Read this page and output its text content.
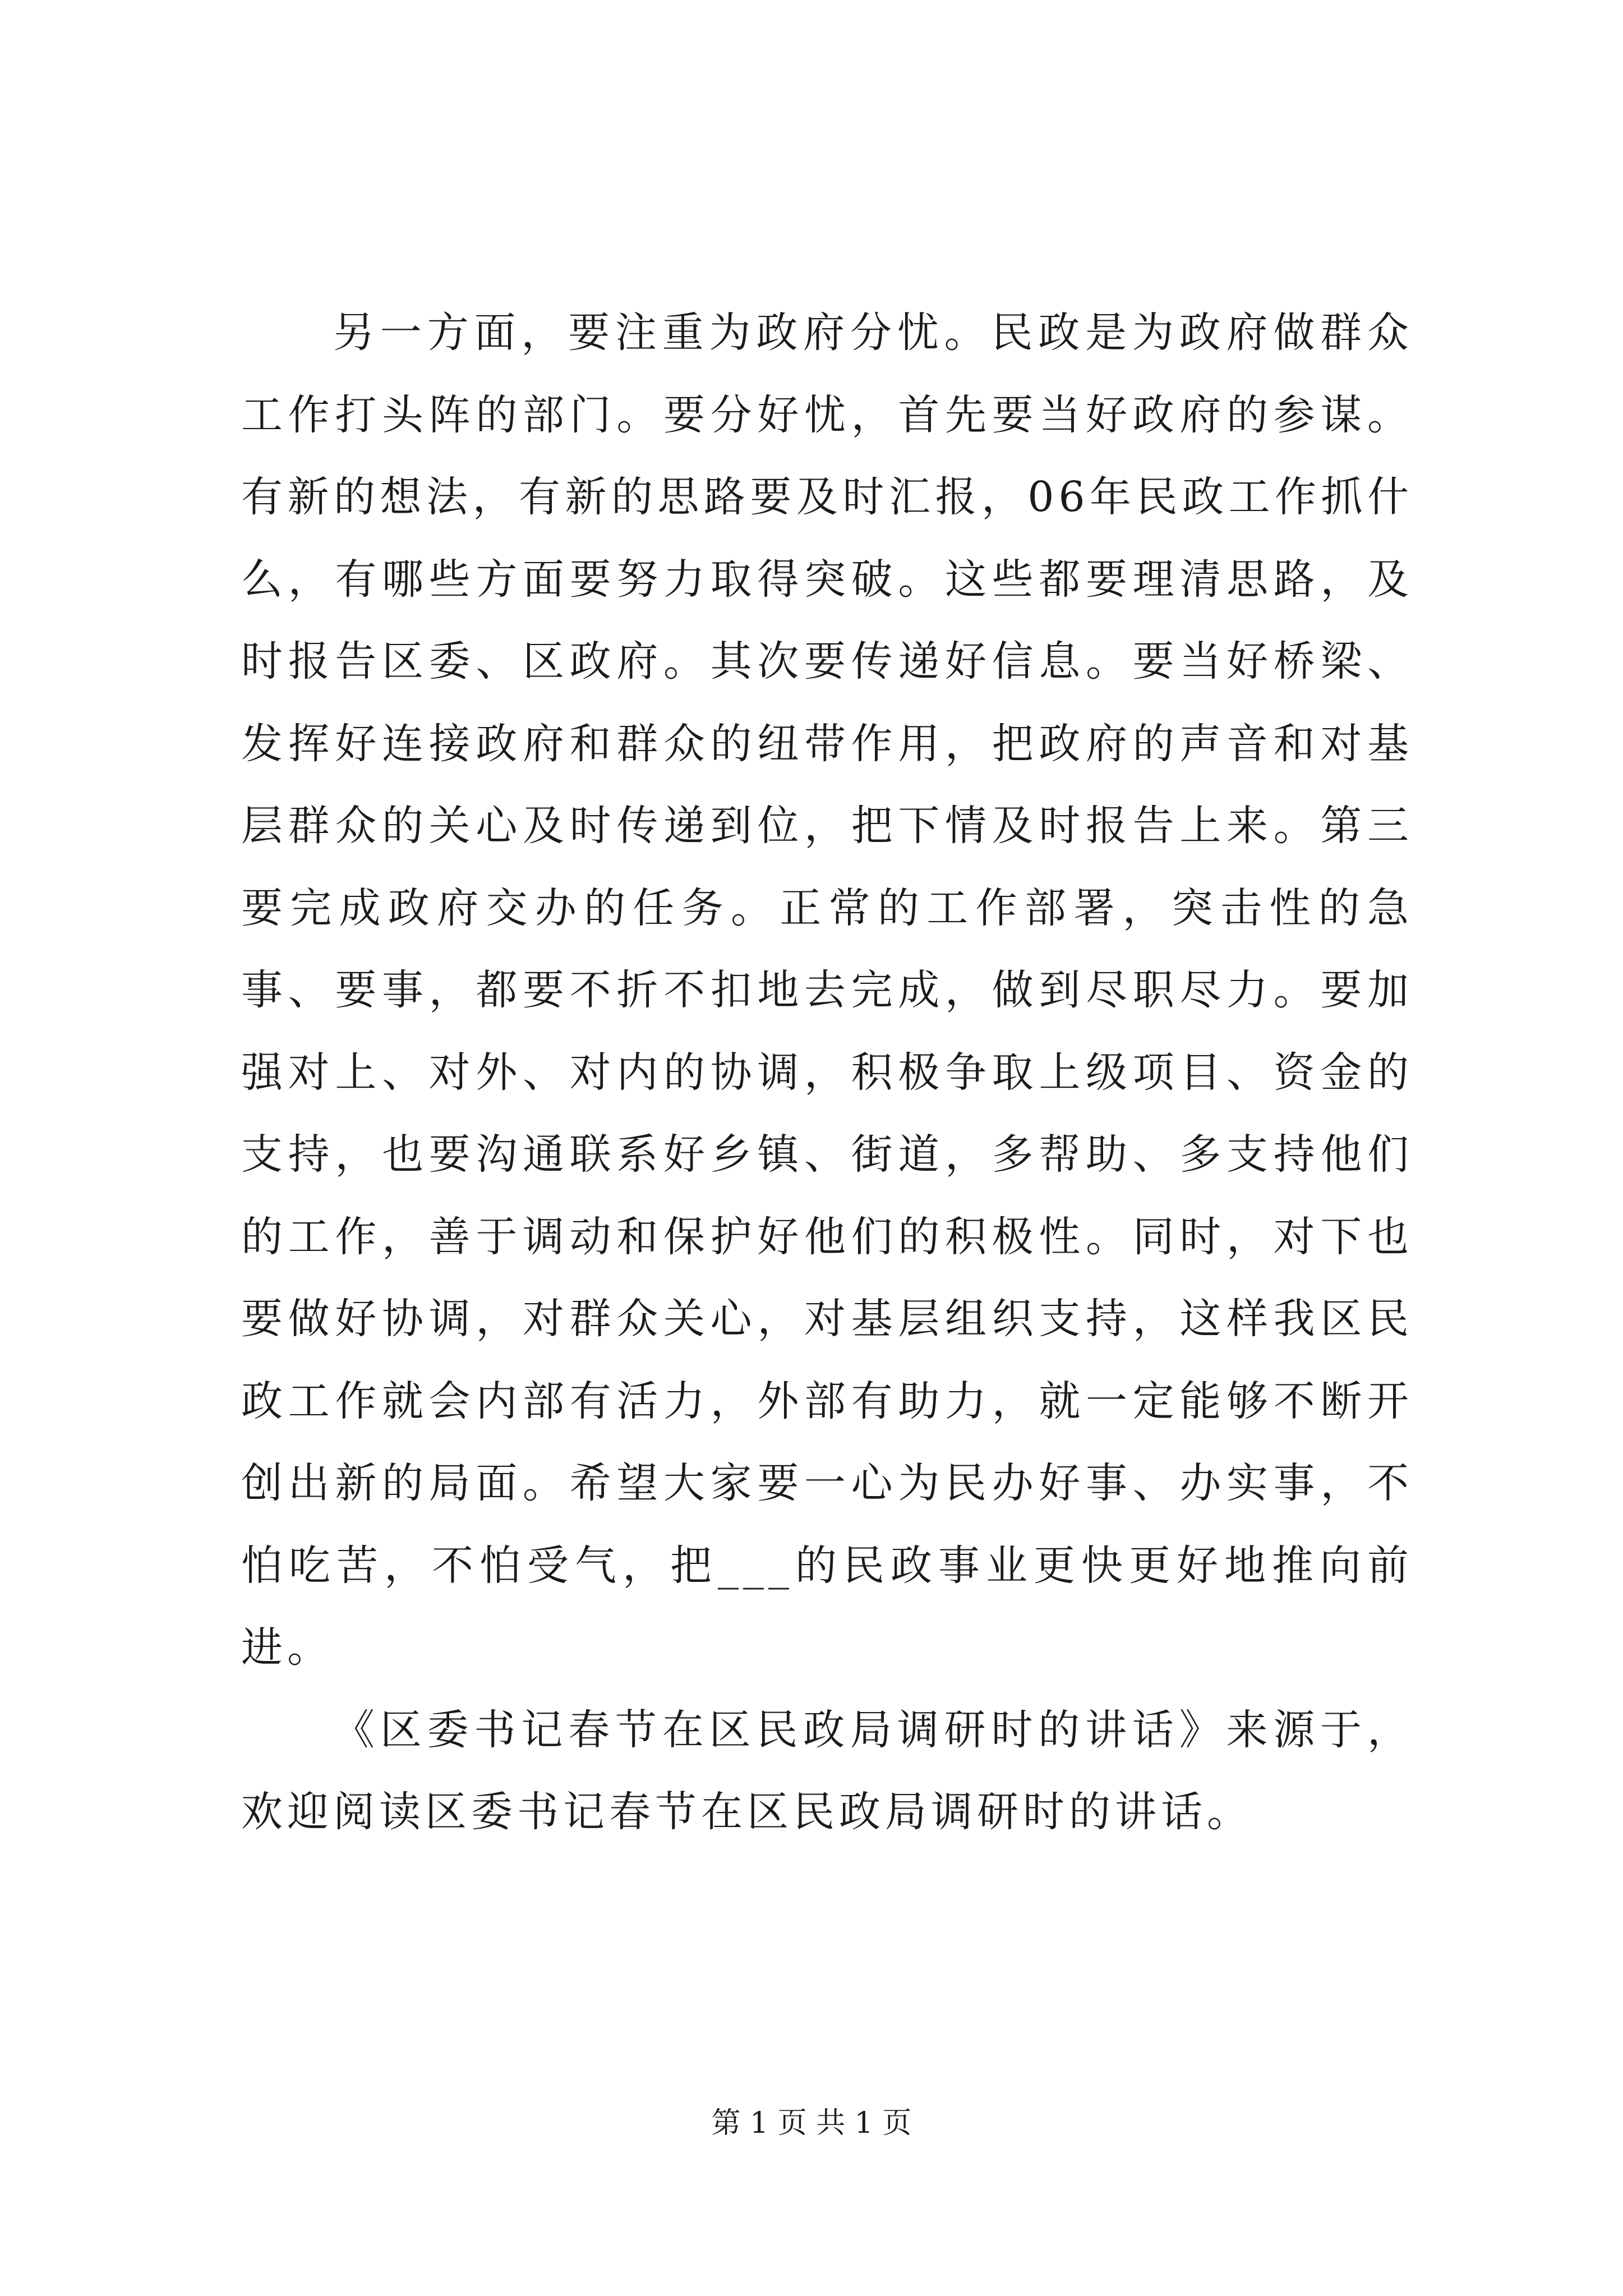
另一方面，要注重为政府分忧。民政是为政府做群众工作打头阵的部门。要分好忧，首先要当好政府的参谋。有新的想法，有新的思路要及时汇报，06年民政工作抓什么，有哪些方面要努力取得突破。这些都要理清思路，及时报告区委、区政府。其次要传递好信息。要当好桥梁、发挥好连接政府和群众的纽带作用，把政府的声音和对基层群众的关心及时传递到位，把下情及时报告上来。第三要完成政府交办的任务。正常的工作部署，突击性的急事、要事，都要不折不扣地去完成，做到尽职尽力。要加强对上、对外、对内的协调，积极争取上级项目、资金的支持，也要沟通联系好乡镇、街道，多帮助、多支持他们的工作，善于调动和保护好他们的积极性。同时，对下也要做好协调，对群众关心，对基层组织支持，这样我区民政工作就会内部有活力，外部有助力，就一定能够不断开创出新的局面。希望大家要一心为民办好事、办实事，不怕吃苦，不怕受气，把___的民政事业更快更好地推向前进。

《区委书记春节在区民政局调研时的讲话》来源于，欢迎阅读区委书记春节在区民政局调研时的讲话。

第 1 页 共 1 页
